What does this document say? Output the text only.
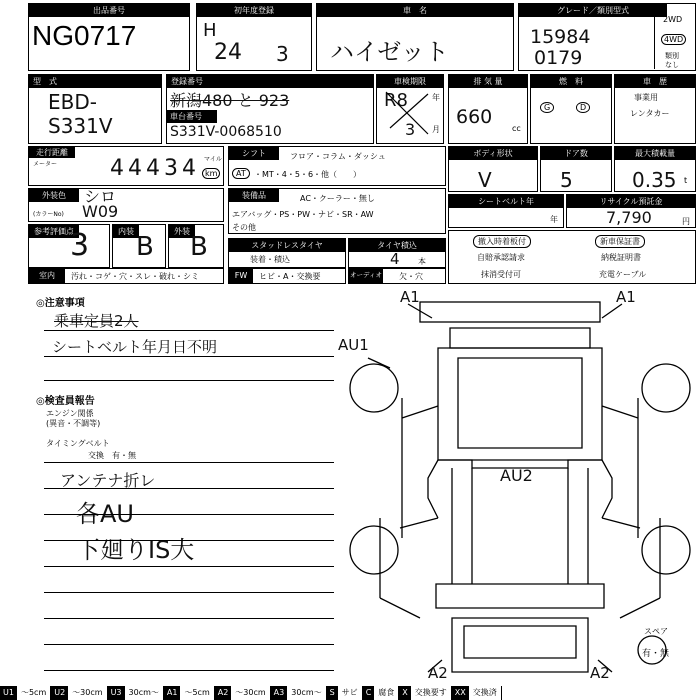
出品番号
NG0717
初年度登録
H
24 3
車　名
ハイゼット
グレード／類別型式
15984
0179
2WD
4WD
類別
なし
型　式
EBD-
S331V
登録番号
車台番号
新潟480 と 923
S331V-0068510
車検期限
R8	年
3 月
排 気 量
660
cc
燃　料
G	D
車　歴
事業用
レンタカー
走行距離
メーター 44434 マイル
km
シフト	フロア・コラム・ダッシュ
AT	・MT・4・5・6・他（　　）
ボディ形状
V
ドア数
5
最大積載量
0.35 t
外装色
(カラーNo)
シロ
W09
装備品	AC・クーラー・無し
エアバッグ・PS・PW・ナビ・SR・AW
その他
シートベルト年
年
リサイクル預託金
7,790	円
参考評価点
3	内装
B
外装
B	スタッドレスタイヤ
装着・積込
タイヤ積込
4 本
撤入時着板付
自賠承認請求
抹消受付可
新車保証書
納税証明書
充電ケーブル
室内	汚れ・コゲ・穴・スレ・破れ・シミ	FW	ヒビ・A・交換要	オーディオ 欠・穴
◎注意事項
乗車定員2人
シートベルト年月日不明
◎検査員報告
エンジン関係
(異音・不調等)
タイミングベルト
交換　有・無
アンテナ折レ
各AU
下廻りIS大
A1	A1
AU1
AU2
A2	A2
スペア
有・無
U1 ～5cm	U2 ～30cm	U3 30cm～	A1 ～5cm	A2 ～30cm	A3 30cm～	S サビ	C 腐食	X 交換要す	XX 交換済
